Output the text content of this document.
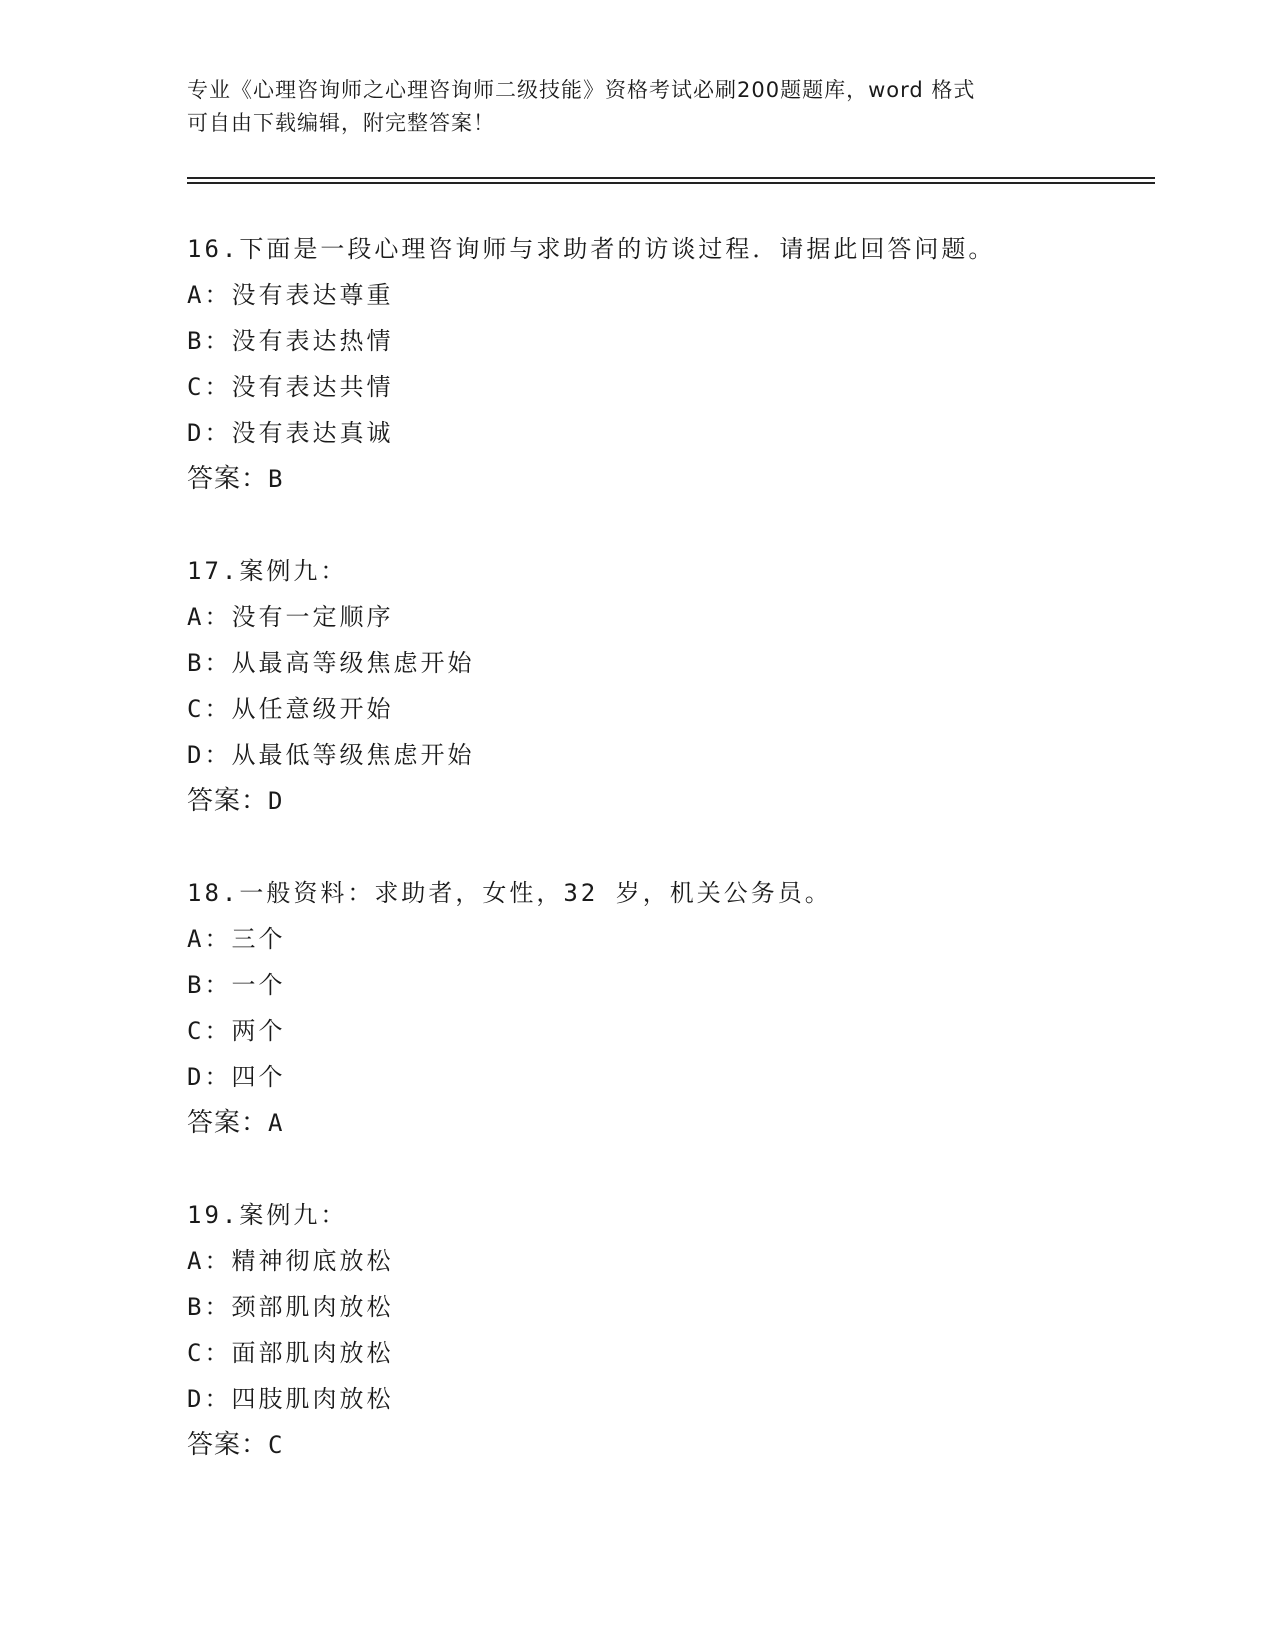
专业《心理咨询师之心理咨询师二级技能》资格考试必刷200题题库，word 格式
可自由下载编辑，附完整答案！
16.下面是一段心理咨询师与求助者的访谈过程．请据此回答问题。
A：没有表达尊重
B：没有表达热情
C：没有表达共情
D：没有表达真诚
答案：B
17.案例九：
A：没有一定顺序
B：从最高等级焦虑开始
C：从任意级开始
D：从最低等级焦虑开始
答案：D
18.一般资料：求助者，女性，32 岁，机关公务员。
A：三个
B：一个
C：两个
D：四个
答案：A
19.案例九：
A：精神彻底放松
B：颈部肌肉放松
C：面部肌肉放松
D：四肢肌肉放松
答案：C
